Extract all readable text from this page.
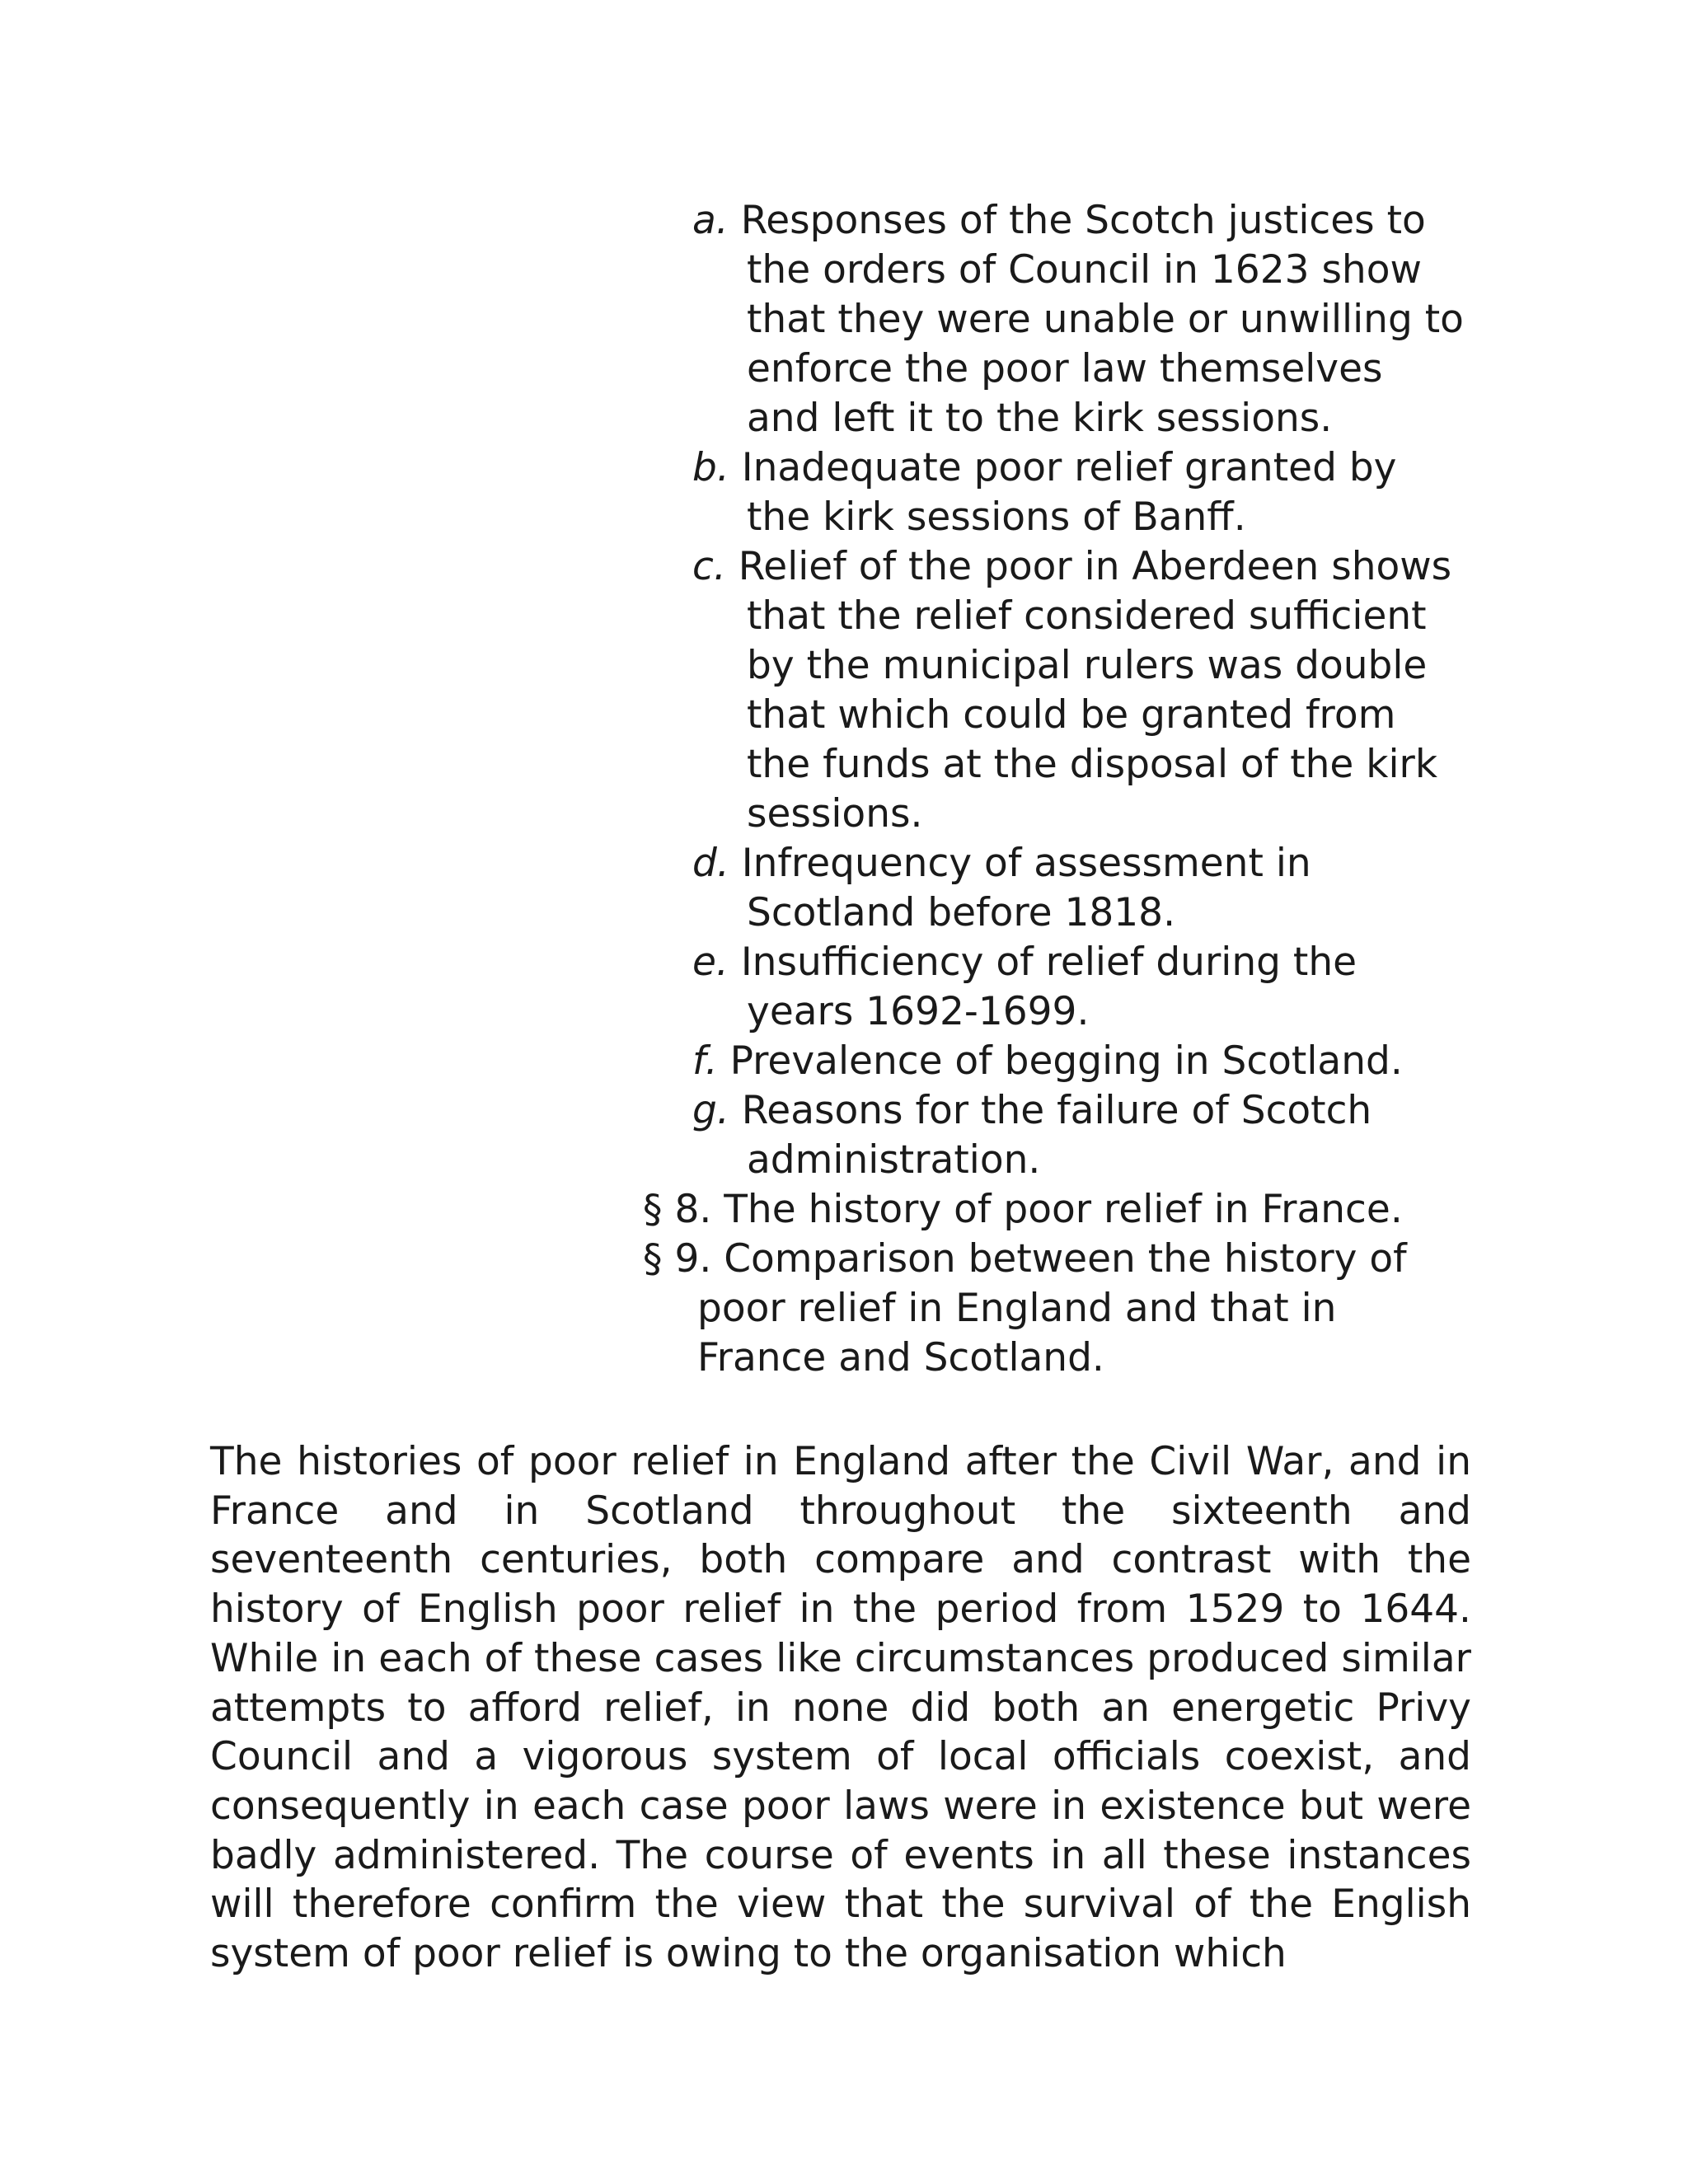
a. Responses of the Scotch justices to the orders of Council in 1623 show that they were unable or unwilling to enforce the poor law themselves and left it to the kirk sessions.
b. Inadequate poor relief granted by the kirk sessions of Banff.
c. Relief of the poor in Aberdeen shows that the relief considered sufficient by the municipal rulers was double that which could be granted from the funds at the disposal of the kirk sessions.
d. Infrequency of assessment in Scotland before 1818.
e. Insufficiency of relief during the years 1692-1699.
f. Prevalence of begging in Scotland.
g. Reasons for the failure of Scotch administration.
§ 8. The history of poor relief in France.
§ 9. Comparison between the history of poor relief in England and that in France and Scotland.

The histories of poor relief in England after the Civil War, and in France and in Scotland throughout the sixteenth and seventeenth centuries, both compare and contrast with the history of English poor relief in the period from 1529 to 1644. While in each of these cases like circumstances produced similar attempts to afford relief, in none did both an energetic Privy Council and a vigorous system of local officials coexist, and consequently in each case poor laws were in existence but were badly administered. The course of events in all these instances will therefore confirm the view that the survival of the English system of poor relief is owing to the organisation which
